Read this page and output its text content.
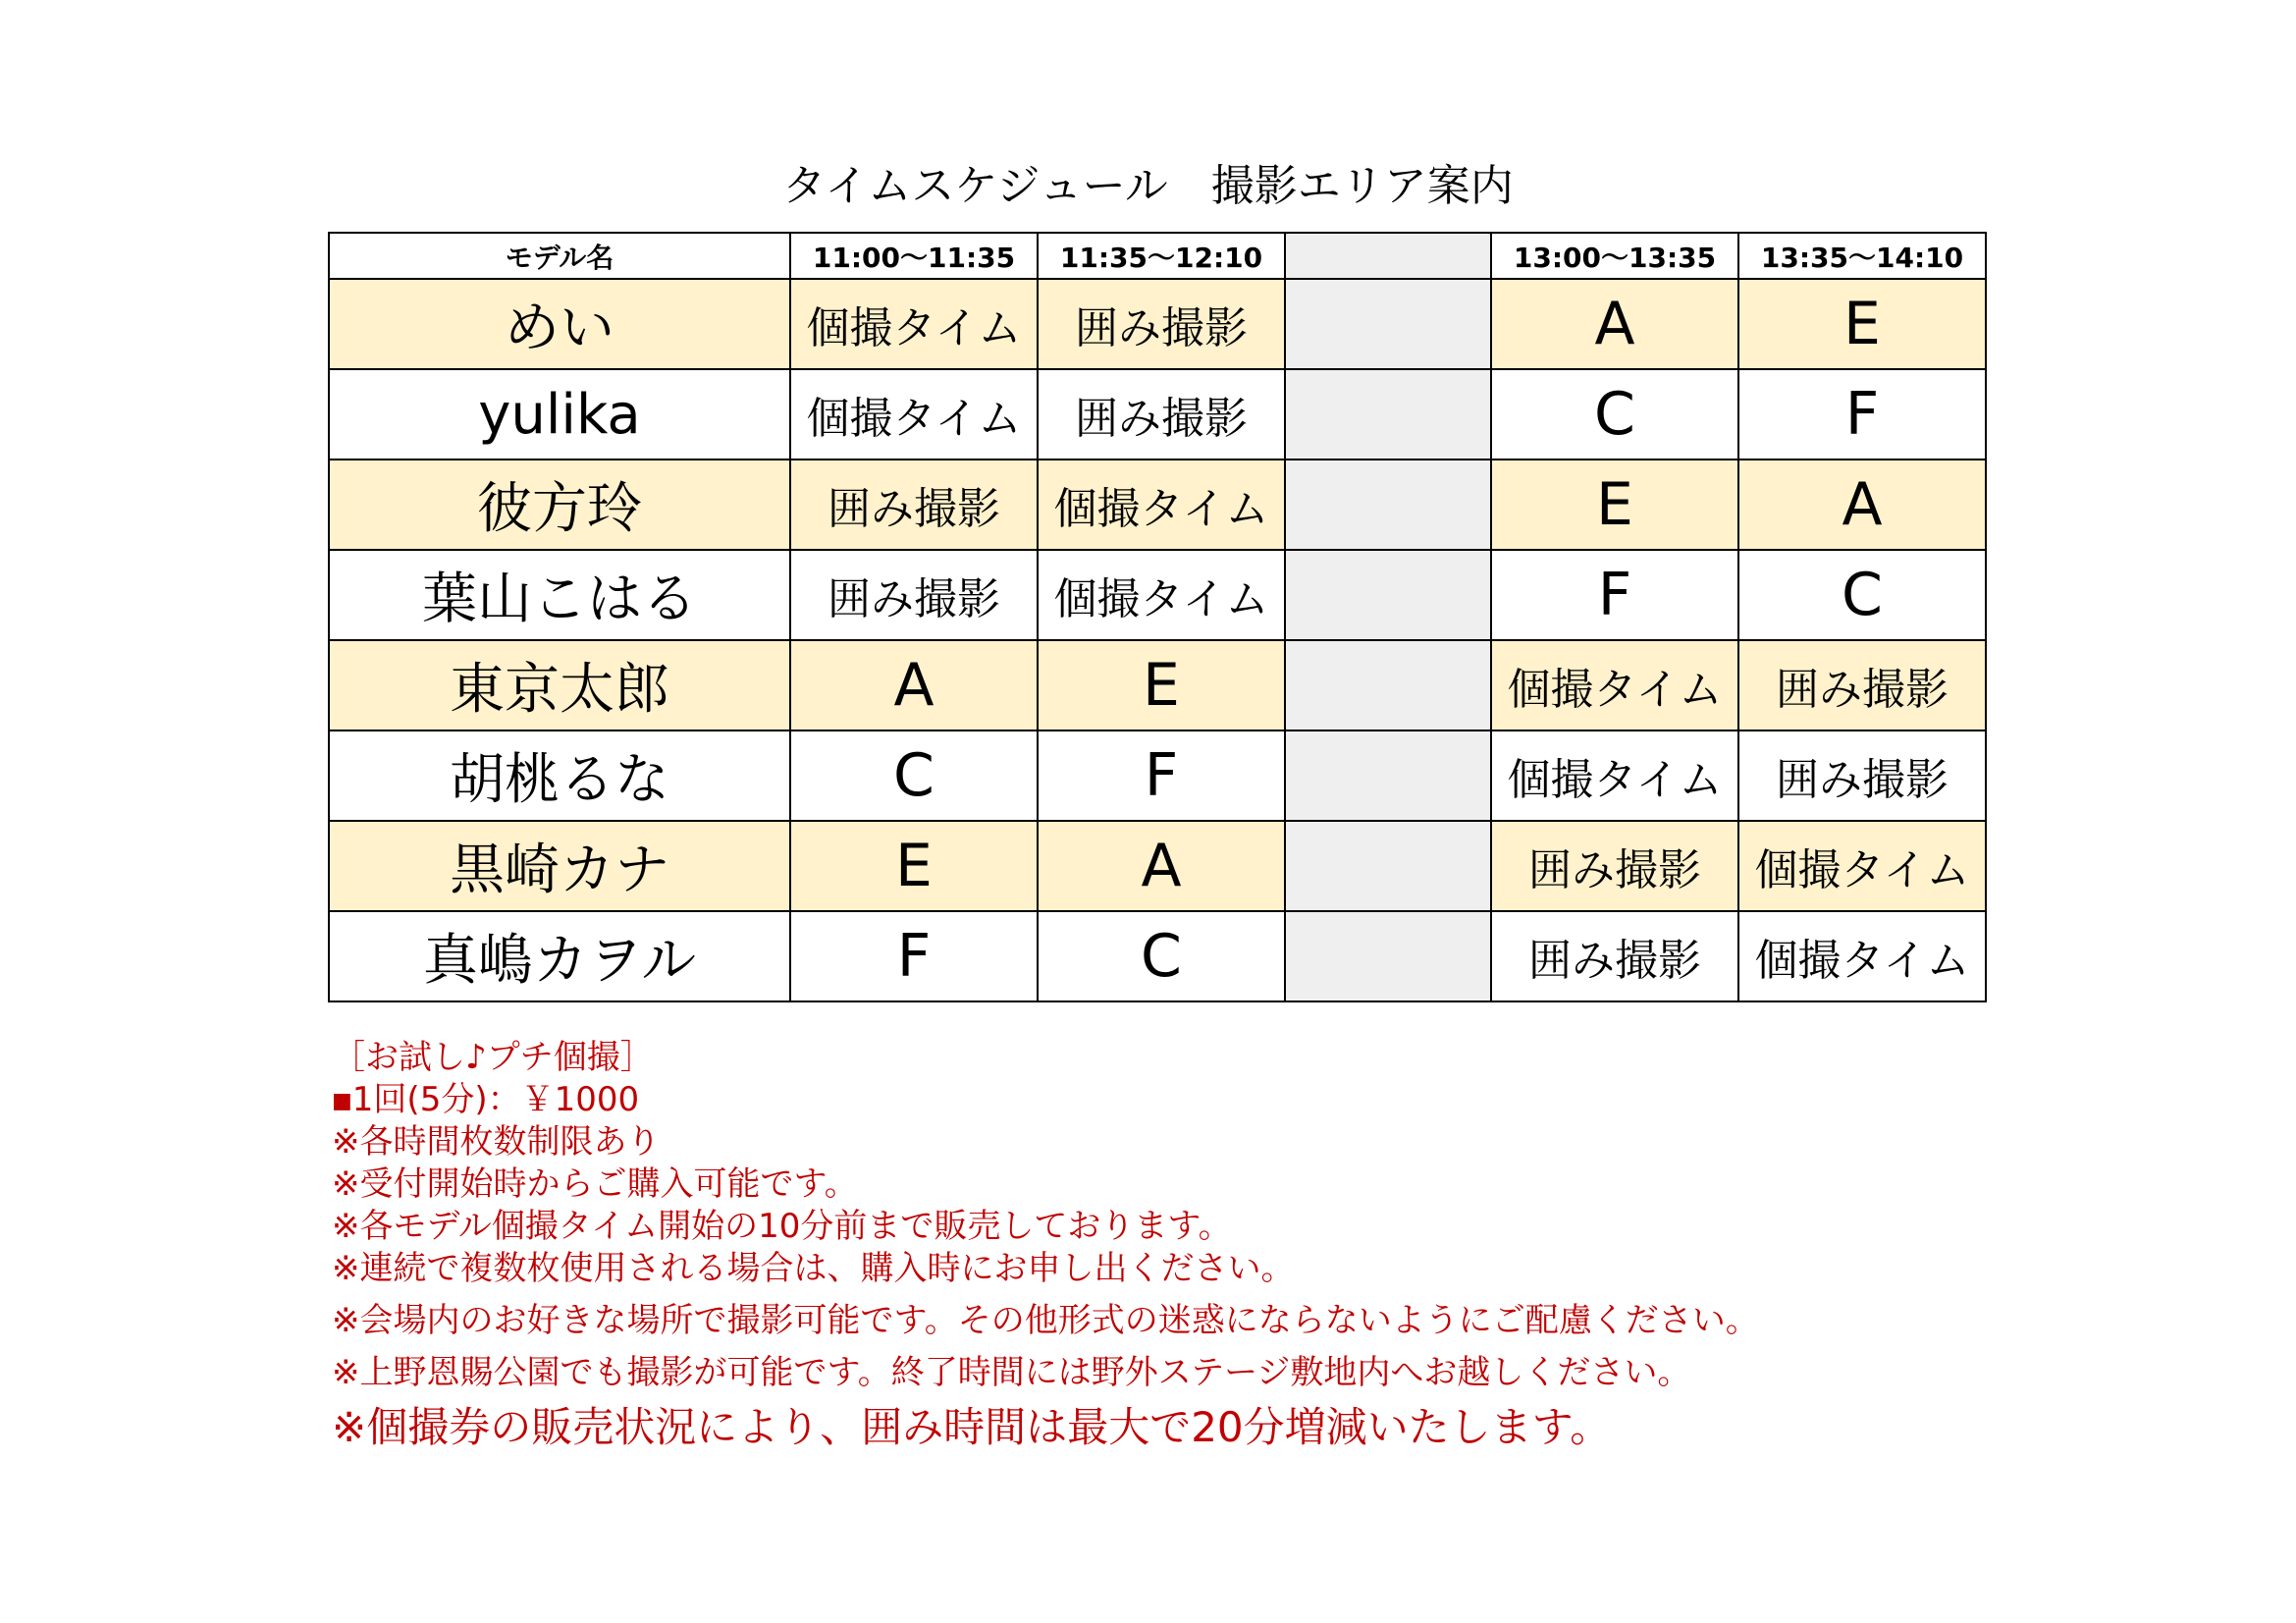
タイムスケジュール　撮影エリア案内
モデル名	11:00～11:35	11:35～12:10		13:00～13:35	13:35～14:10
めい	個撮タイム	囲み撮影		A	E
yulika	個撮タイム	囲み撮影		C	F
彼方玲	囲み撮影	個撮タイム		E	A
葉山こはる	囲み撮影	個撮タイム		F	C
東京太郎	A	E		個撮タイム	囲み撮影
胡桃るな	C	F		個撮タイム	囲み撮影
黒崎カナ	E	A		囲み撮影	個撮タイム
真嶋カヲル	F	C		囲み撮影	個撮タイム
［お試し♪プチ個撮］
■1回(5分)：￥1000
※各時間枚数制限あり
※受付開始時からご購入可能です。
※各モデル個撮タイム開始の10分前まで販売しております。
※連続で複数枚使用される場合は、購入時にお申し出ください。
※会場内のお好きな場所で撮影可能です。その他形式の迷惑にならないようにご配慮ください。
※上野恩賜公園でも撮影が可能です。終了時間には野外ステージ敷地内へお越しください。
※個撮券の販売状況により、囲み時間は最大で20分増減いたします。
